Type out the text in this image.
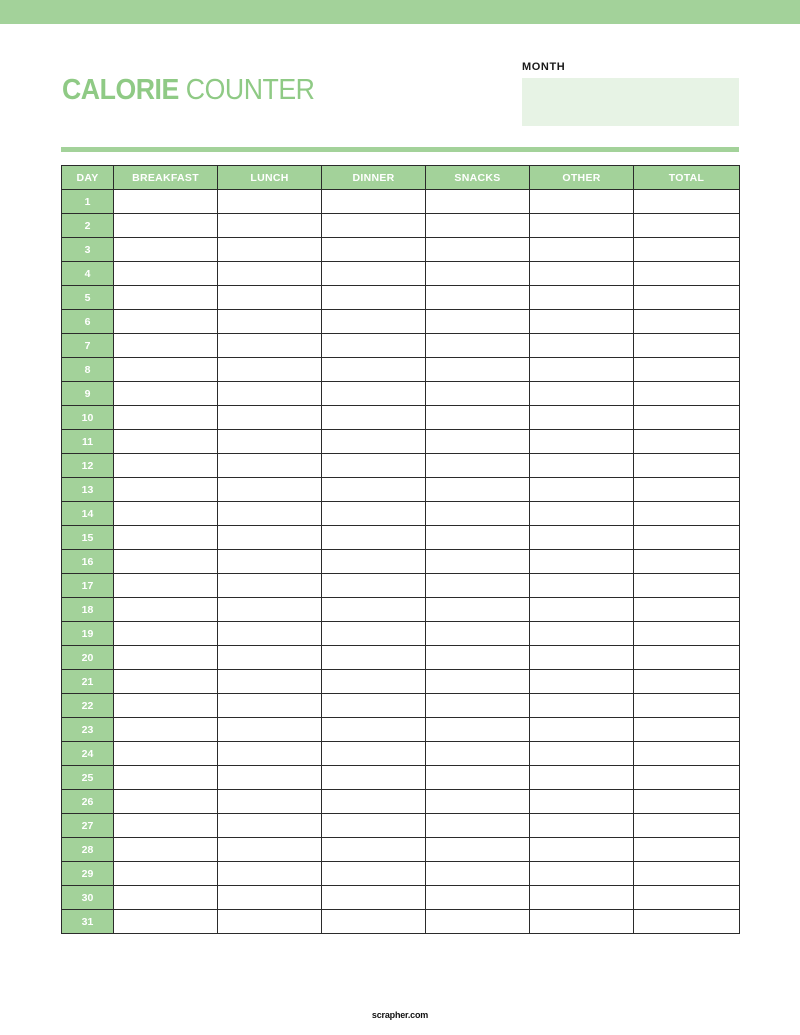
CALORIE COUNTER
MONTH
DAY	BREAKFAST	LUNCH	DINNER	SNACKS	OTHER	TOTAL
1						
2						
3						
4						
5						
6						
7						
8						
9						
10						
11						
12						
13						
14						
15						
16						
17						
18						
19						
20						
21						
22						
23						
24						
25						
26						
27						
28						
29						
30						
31						
scrapher.com
